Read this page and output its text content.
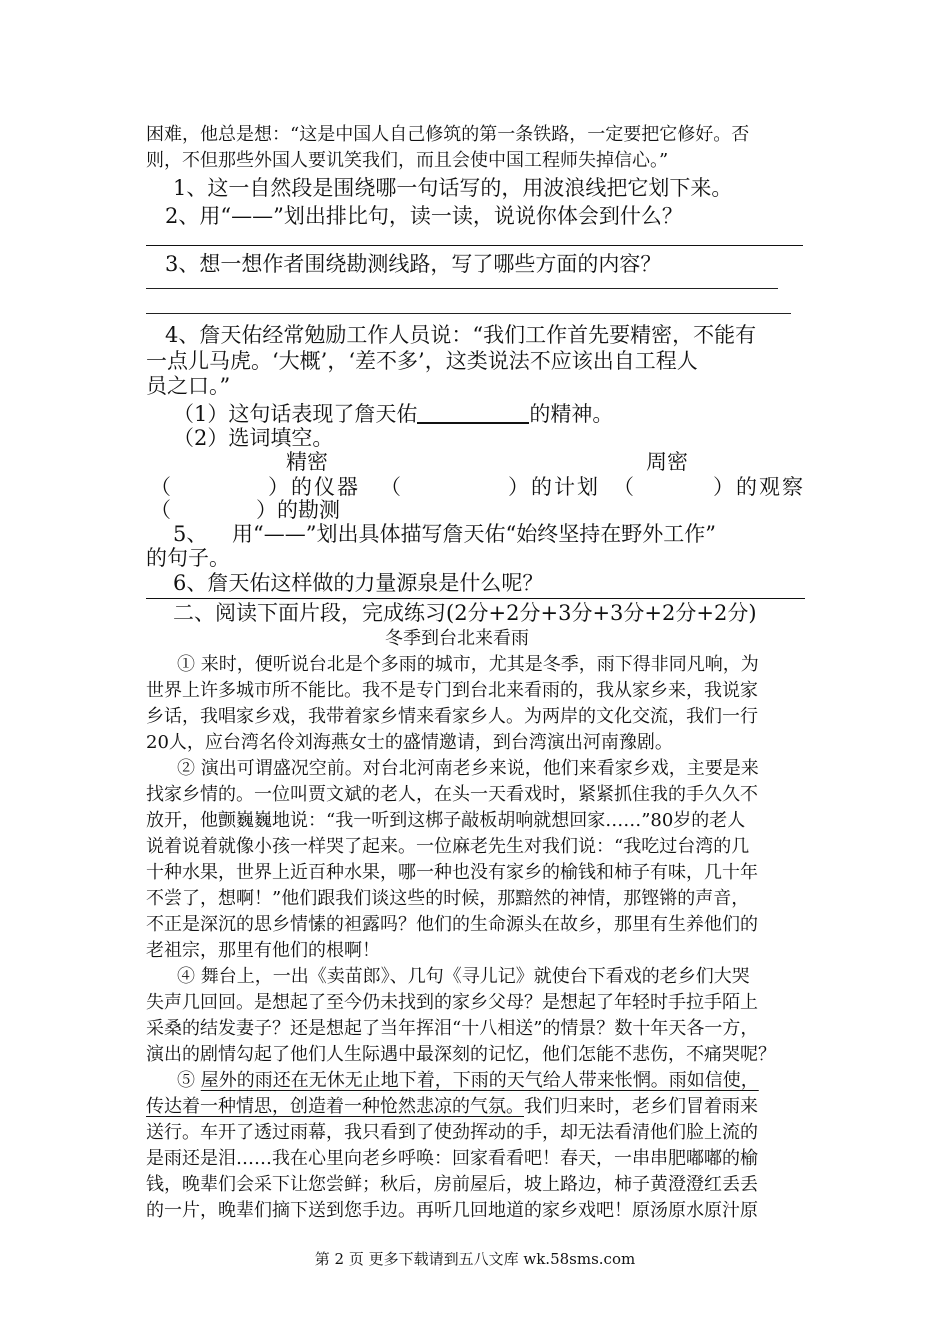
困难，他总是想：“这是中国人自己修筑的第一条铁路，一定要把它修好。否
则，不但那些外国人要讥笑我们，而且会使中国工程师失掉信心。”
1、这一自然段是围绕哪一句话写的，用波浪线把它划下来。
2、用“——”划出排比句，读一读，说说你体会到什么？
3、想一想作者围绕勘测线路，写了哪些方面的内容？
4、詹天佑经常勉励工作人员说：“我们工作首先要精密，不能有
一点儿马虎。‘大概’，‘差不多’，这类说法不应该出自工程人
员之口。”
（1）这句话表现了詹天佑	的精神。
（2）选词填空。
精密	周密
（	）的仪器 （	）的计划 （	）的观察
（	）的勘测
5、 用“——”划出具体描写詹天佑“始终坚持在野外工作”
的句子。
6、詹天佑这样做的力量源泉是什么呢？
二、阅读下面片段，完成练习(2分+2分+3分+3分+2分+2分)
冬季到台北来看雨
① 来时，便听说台北是个多雨的城市，尤其是冬季，雨下得非同凡响，为
世界上许多城市所不能比。我不是专门到台北来看雨的，我从家乡来，我说家
乡话，我唱家乡戏，我带着家乡情来看家乡人。为两岸的文化交流，我们一行
20人，应台湾名伶刘海燕女士的盛情邀请，到台湾演出河南豫剧。
② 演出可谓盛况空前。对台北河南老乡来说，他们来看家乡戏，主要是来
找家乡情的。一位叫贾文斌的老人，在头一天看戏时，紧紧抓住我的手久久不
放开，他颤巍巍地说：“我一听到这梆子敲板胡响就想回家……”80岁的老人
说着说着就像小孩一样哭了起来。一位麻老先生对我们说：“我吃过台湾的几
十种水果，世界上近百种水果，哪一种也没有家乡的榆钱和柿子有味，几十年
不尝了，想啊！”他们跟我们谈这些的时候，那黯然的神情，那铿锵的声音，
不正是深沉的思乡情愫的袒露吗？他们的生命源头在故乡，那里有生养他们的
老祖宗，那里有他们的根啊！
④ 舞台上，一出《卖苗郎》、几句《寻儿记》就使台下看戏的老乡们大哭
失声几回回。是想起了至今仍未找到的家乡父母？是想起了年轻时手拉手陌上
采桑的结发妻子？还是想起了当年挥泪“十八相送”的情景？数十年天各一方，
演出的剧情勾起了他们人生际遇中最深刻的记忆，他们怎能不悲伤，不痛哭呢？
⑤ 屋外的雨还在无休无止地下着，下雨的天气给人带来怅惘。雨如信使，
传达着一种情思，创造着一种怆然悲凉的气氛。我们归来时，老乡们冒着雨来
送行。车开了透过雨幕，我只看到了使劲挥动的手，却无法看清他们脸上流的
是雨还是泪……我在心里向老乡呼唤：回家看看吧！春天，一串串肥嘟嘟的榆
钱，晚辈们会采下让您尝鲜；秋后，房前屋后，坡上路边，柿子黄澄澄红丢丢
的一片，晚辈们摘下送到您手边。再听几回地道的家乡戏吧！原汤原水原汁原
第 2 页 更多下载请到五八文库 wk.58sms.com
